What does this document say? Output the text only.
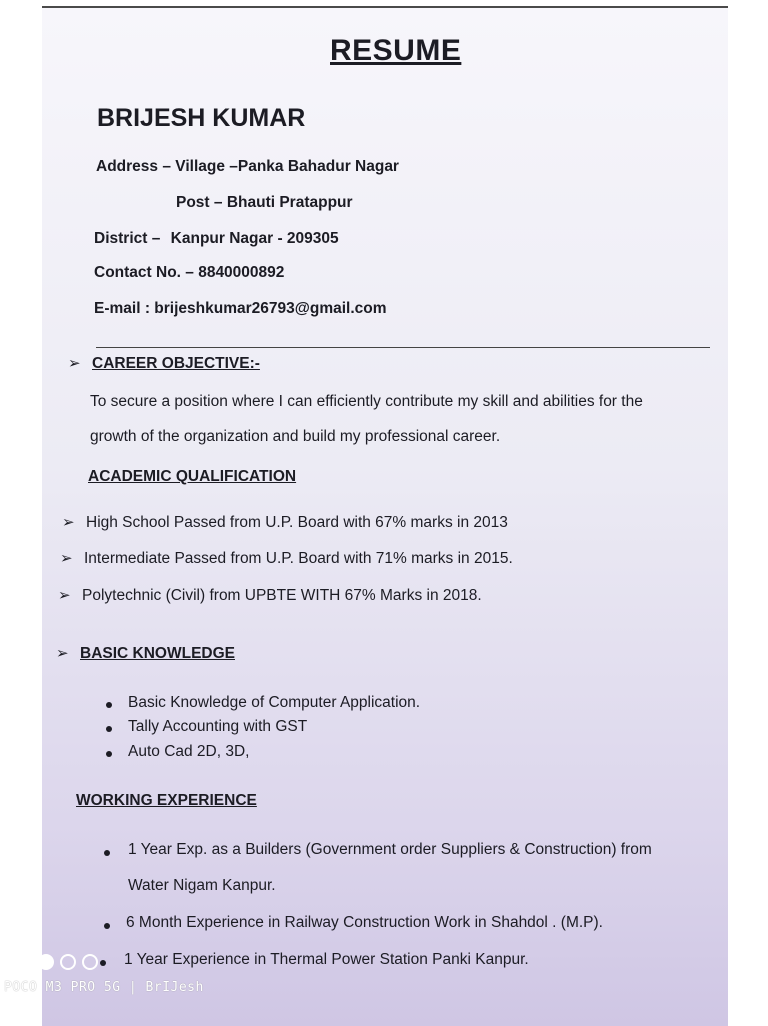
RESUME
BRIJESH KUMAR
Address – Village –Panka Bahadur Nagar
Post – Bhauti Pratappur
District – Kanpur Nagar - 209305
Contact No. – 8840000892
E-mail : brijeshkumar26793@gmail.com
➢ CAREER OBJECTIVE:-
To secure a position where I can efficiently contribute my skill and abilities for the
growth of the organization and build my professional career.
ACADEMIC QUALIFICATION
➢ High School Passed from U.P. Board with 67% marks in 2013
➢ Intermediate Passed from U.P. Board with 71% marks in 2015.
➢ Polytechnic (Civil) from UPBTE WITH 67% Marks in 2018.
➢ BASIC KNOWLEDGE
Basic Knowledge of Computer Application.
Tally Accounting with GST
Auto Cad 2D, 3D,
WORKING EXPERIENCE
1 Year Exp. as a Builders (Government order Suppliers & Construction) from
Water Nigam Kanpur.
6 Month Experience in Railway Construction Work in Shahdol . (M.P).
1 Year Experience in Thermal Power Station Panki Kanpur.
POCO M3 PRO 5G | BrIJesh
